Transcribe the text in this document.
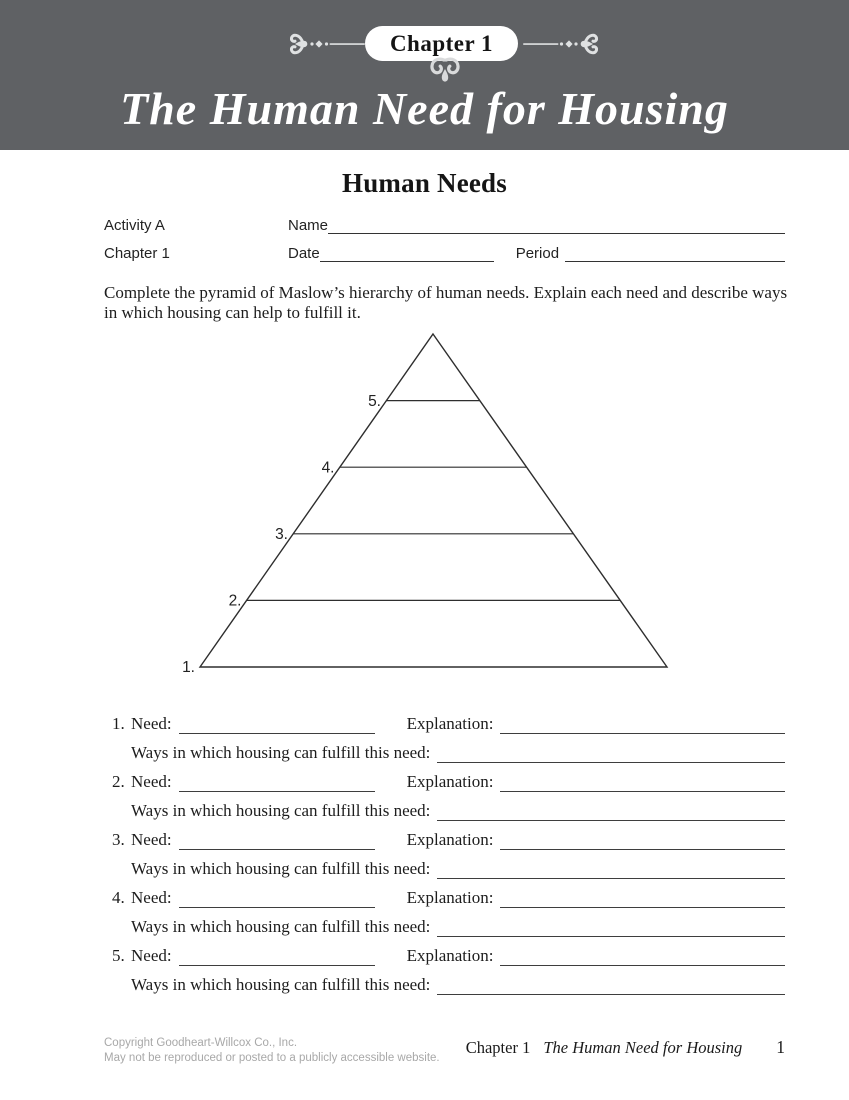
Chapter 1
The Human Need for Housing
Human Needs
Activity A	Name
Chapter 1	Date	Period
Complete the pyramid of Maslow’s hierarchy of human needs. Explain each need and describe ways
in which housing can help to fulfill it.
5.
4.
3.
2.
1.
1. Need:	Explanation:
Ways in which housing can fulfill this need:
2. Need:	Explanation:
Ways in which housing can fulfill this need:
3. Need:	Explanation:
Ways in which housing can fulfill this need:
4. Need:	Explanation:
Ways in which housing can fulfill this need:
5. Need:	Explanation:
Ways in which housing can fulfill this need:
Copyright Goodheart-Willcox Co., Inc.
May not be reproduced or posted to a publicly accessible website.
Chapter 1 The Human Need for Housing 1
